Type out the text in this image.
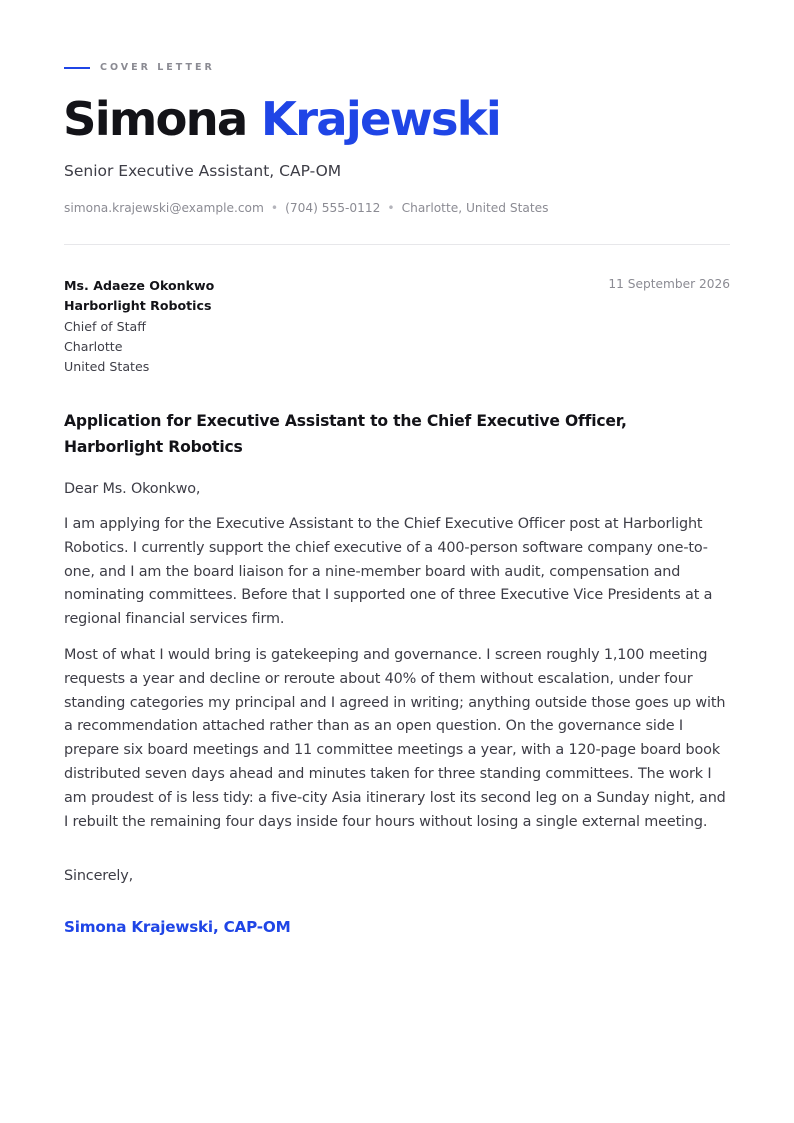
COVER LETTER
Simona Krajewski
Senior Executive Assistant, CAP-OM
simona.krajewski@example.com • (704) 555-0112 • Charlotte, United States
Ms. Adaeze Okonkwo
Harborlight Robotics
Chief of Staff
Charlotte
United States
11 September 2026
Application for Executive Assistant to the Chief Executive Officer, Harborlight Robotics

Dear Ms. Okonkwo,

I am applying for the Executive Assistant to the Chief Executive Officer post at Harborlight Robotics. I currently support the chief executive of a 400-person software company one-to-one, and I am the board liaison for a nine-member board with audit, compensation and nominating committees. Before that I supported one of three Executive Vice Presidents at a regional financial services firm.

Most of what I would bring is gatekeeping and governance. I screen roughly 1,100 meeting requests a year and decline or reroute about 40% of them without escalation, under four standing categories my principal and I agreed in writing; anything outside those goes up with a recommendation attached rather than as an open question. On the governance side I prepare six board meetings and 11 committee meetings a year, with a 120-page board book distributed seven days ahead and minutes taken for three standing committees. The work I am proudest of is less tidy: a five-city Asia itinerary lost its second leg on a Sunday night, and I rebuilt the remaining four days inside four hours without losing a single external meeting.

Sincerely,

Simona Krajewski, CAP-OM
